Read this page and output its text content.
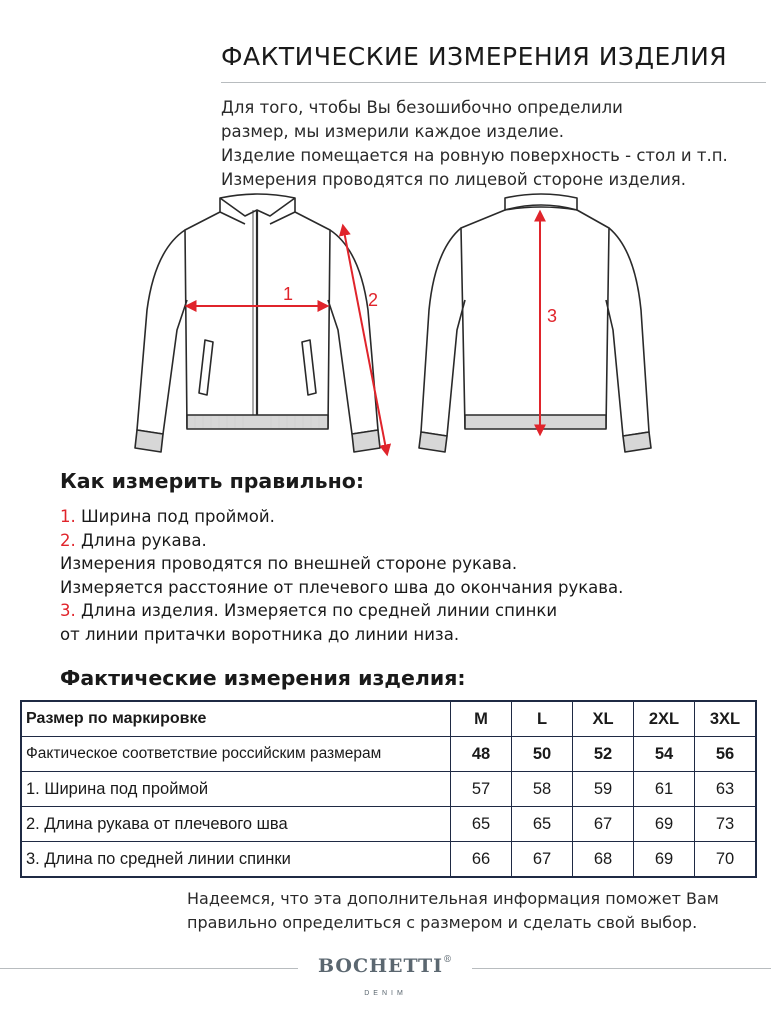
ФАКТИЧЕСКИЕ ИЗМЕРЕНИЯ ИЗДЕЛИЯ
Для того, чтобы Вы безошибочно определили
размер, мы измерили каждое изделие.
Изделие помещается на ровную поверхность - стол и т.п.
Измерения проводятся по лицевой стороне изделия.
1	2
3
Как измерить правильно:
1. Ширина под проймой.
2. Длина рукава.
Измерения проводятся по внешней стороне рукава.
Измеряется расстояние от плечевого шва до окончания рукава.
3. Длина изделия. Измеряется по средней линии спинки
от линии притачки воротника до линии низа.
Фактические измерения изделия:
Размер по маркировке	M	L	XL	2XL	3XL
Фактическое соответствие российским размерам	48	50	52	54	56
1. Ширина под проймой	57	58	59	61	63
2. Длина рукава от плечевого шва	65	65	67	69	73
3. Длина по средней линии спинки	66	67	68	69	70
Надеемся, что эта дополнительная информация поможет Вам
правильно определиться с размером и сделать свой выбор.
BOCHETTI®
DENIM
